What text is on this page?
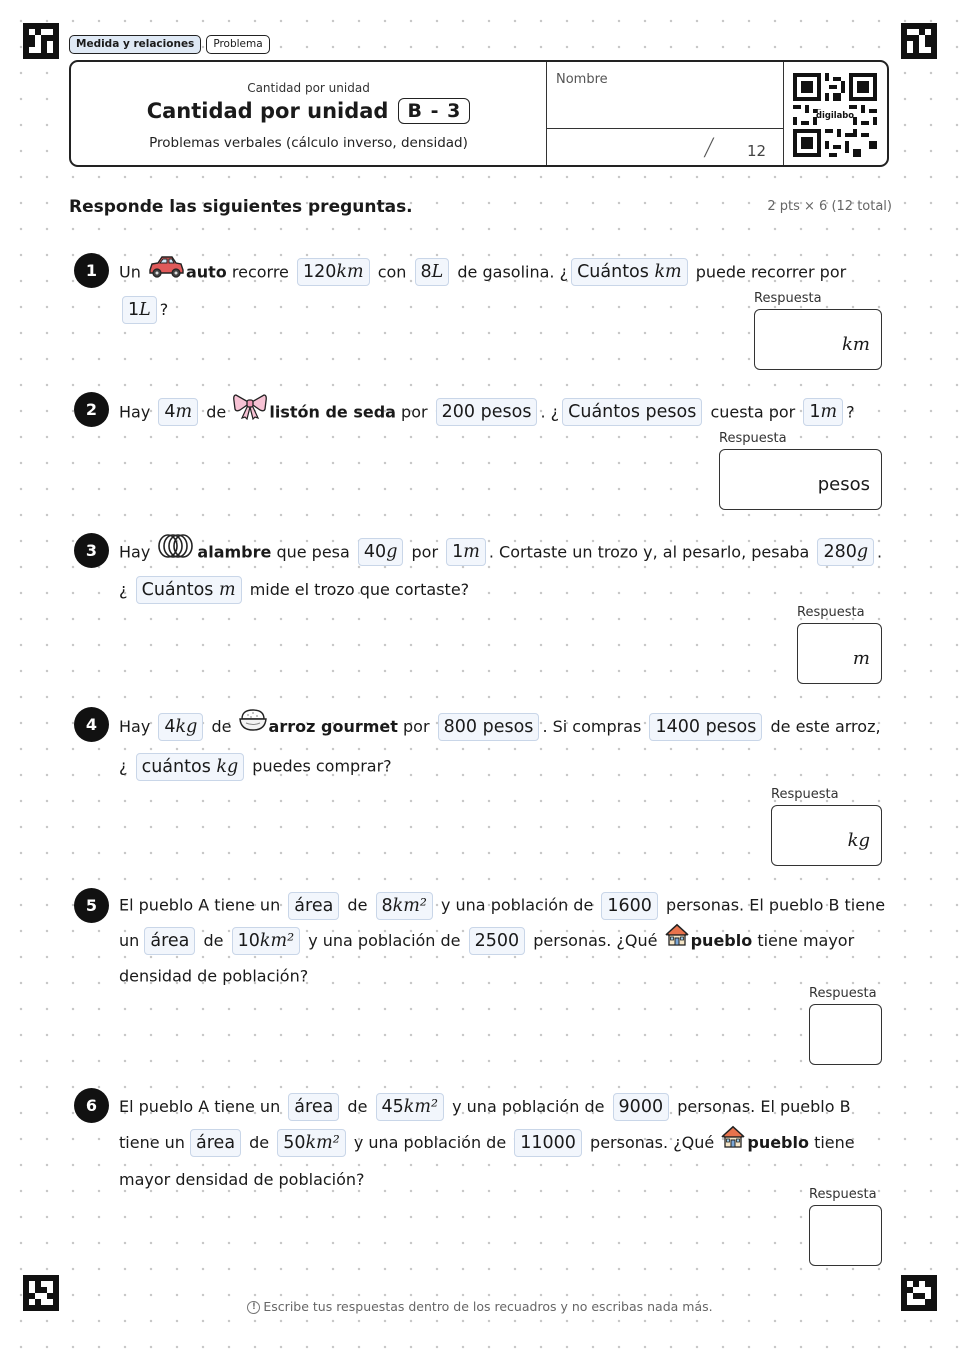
Medida y relaciones	Problema
Cantidad por unidad
Cantidad por unidad	B - 3
Problemas verbales (cálculo inverso, densidad)
Nombre
/ 12
digilabo
Responde las siguientes preguntas.	2 pts × 6 (12 total)
1	Un	auto recorre 120km con 8L de gasolina. ¿ Cuántos km puede recorrer por 1L ?
Respuesta
km
2	Hay 4m de	listón de seda por 200 pesos . ¿ Cuántos pesos cuesta por 1m ?
Respuesta
pesos
3	Hay	alambre que pesa 40g por 1m . Cortaste un trozo y, al pesarlo, pesaba 280g . ¿ Cuántos m mide el trozo que cortaste?
Respuesta
m
4	Hay 4kg de arroz gourmet por 800 pesos . Si compras 1400 pesos de este arroz, ¿ cuántos kg puedes comprar?
Respuesta
kg
5	El pueblo A tiene un área de 8km² y una población de 1600 personas. El pueblo B tiene un área de 10km² y una población de 2500 personas. ¿Qué pueblo tiene mayor densidad de población?
Respuesta
6	El pueblo A tiene un área de 45km² y una población de 9000 personas. El pueblo B tiene un área de 50km² y una población de 11000 personas. ¿Qué pueblo tiene mayor densidad de población?
Respuesta
! Escribe tus respuestas dentro de los recuadros y no escribas nada más.
